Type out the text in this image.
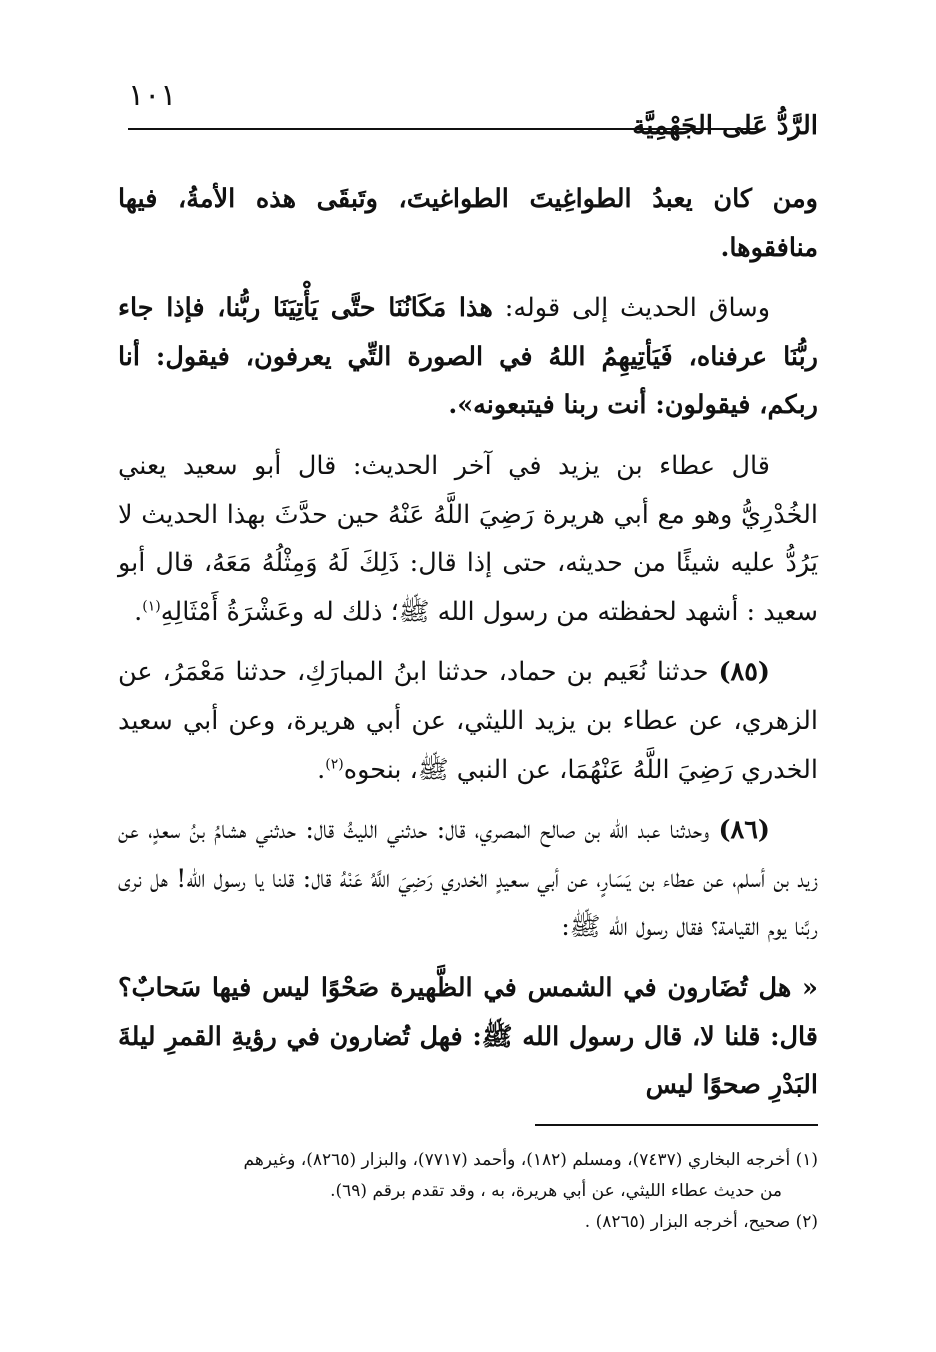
١٠١
الرَّدُّ عَلى الجَهْمِيَّة

ومن كان يعبدُ الطواغِيتَ الطواغيتَ، وتَبقَى هذه الأمةُ، فيها منافقوها.

وساق الحديث إلى قوله: هذا مَكَانُنَا حتَّى يَأْتِيَنَا ربُّنا، فإذا جاء ربُّنَا عرفناه، فَيَأتِيهِمُ اللهُ في الصورة التِّي يعرفون، فيقول: أنا ربكم، فيقولون: أنت ربنا فيتبعونه».

قال عطاء بن يزيد في آخر الحديث: قال أبو سعيد يعني الخُدْرِيُّ وهو مع أبي هريرة رَضِيَ اللَّهُ عَنْهُ حين حدَّثَ بهذا الحديث لا يَرُدُّ عليه شيئًا من حديثه، حتى إذا قال: ذَلِكَ لَهُ وَمِثْلُهُ مَعَهُ، قال أبو سعيد : أشهد لحفظته من رسول الله ﷺ؛ ذلك له وعَشْرَةُ أَمْثَالِهِ$^{(١)}$.

(٨٥) حدثنا نُعَيم بن حماد، حدثنا ابنُ المبارَكِ، حدثنا مَعْمَرُ، عن الزهري، عن عطاء بن يزيد الليثي، عن أبي هريرة، وعن أبي سعيد الخدري رَضِيَ اللَّهُ عَنْهُمَا، عن النبي ﷺ، بنحوه$^{(٢)}$.

(٨٦) وحدثنا عبد الله بن صالح المصري، قال: حدثني الليثُ قال: حدثني هشامُ بنُ سعدٍ، عن زيد بن أسلم، عن عطاء بن يَسَارٍ، عن أبي سعيدٍ الخدري رَضِيَ اللَّهُ عَنْهُ قال: قلنا يا رسول الله! هل نرى ربَّنا يوم القيامة؟ فقال رسول الله ﷺ:

« هل تُضَارون في الشمس في الظَّهيرة صَحْوًا ليس فيها سَحابٌ؟ قال: قلنا لا، قال رسول الله ﷺ: فهل تُضارون في رؤيةِ القمرِ ليلةَ البَدْرِ صحوًا ليس

(١) أخرجه البخاري (٧٤٣٧)، ومسلم (١٨٢)، وأحمد (٧٧١٧)، والبزار (٨٢٦٥)، وغيرهم

من حديث عطاء الليثي، عن أبي هريرة، به ، وقد تقدم برقم (٦٩).

(٢) صحيح، أخرجه البزار (٨٢٦٥) .
